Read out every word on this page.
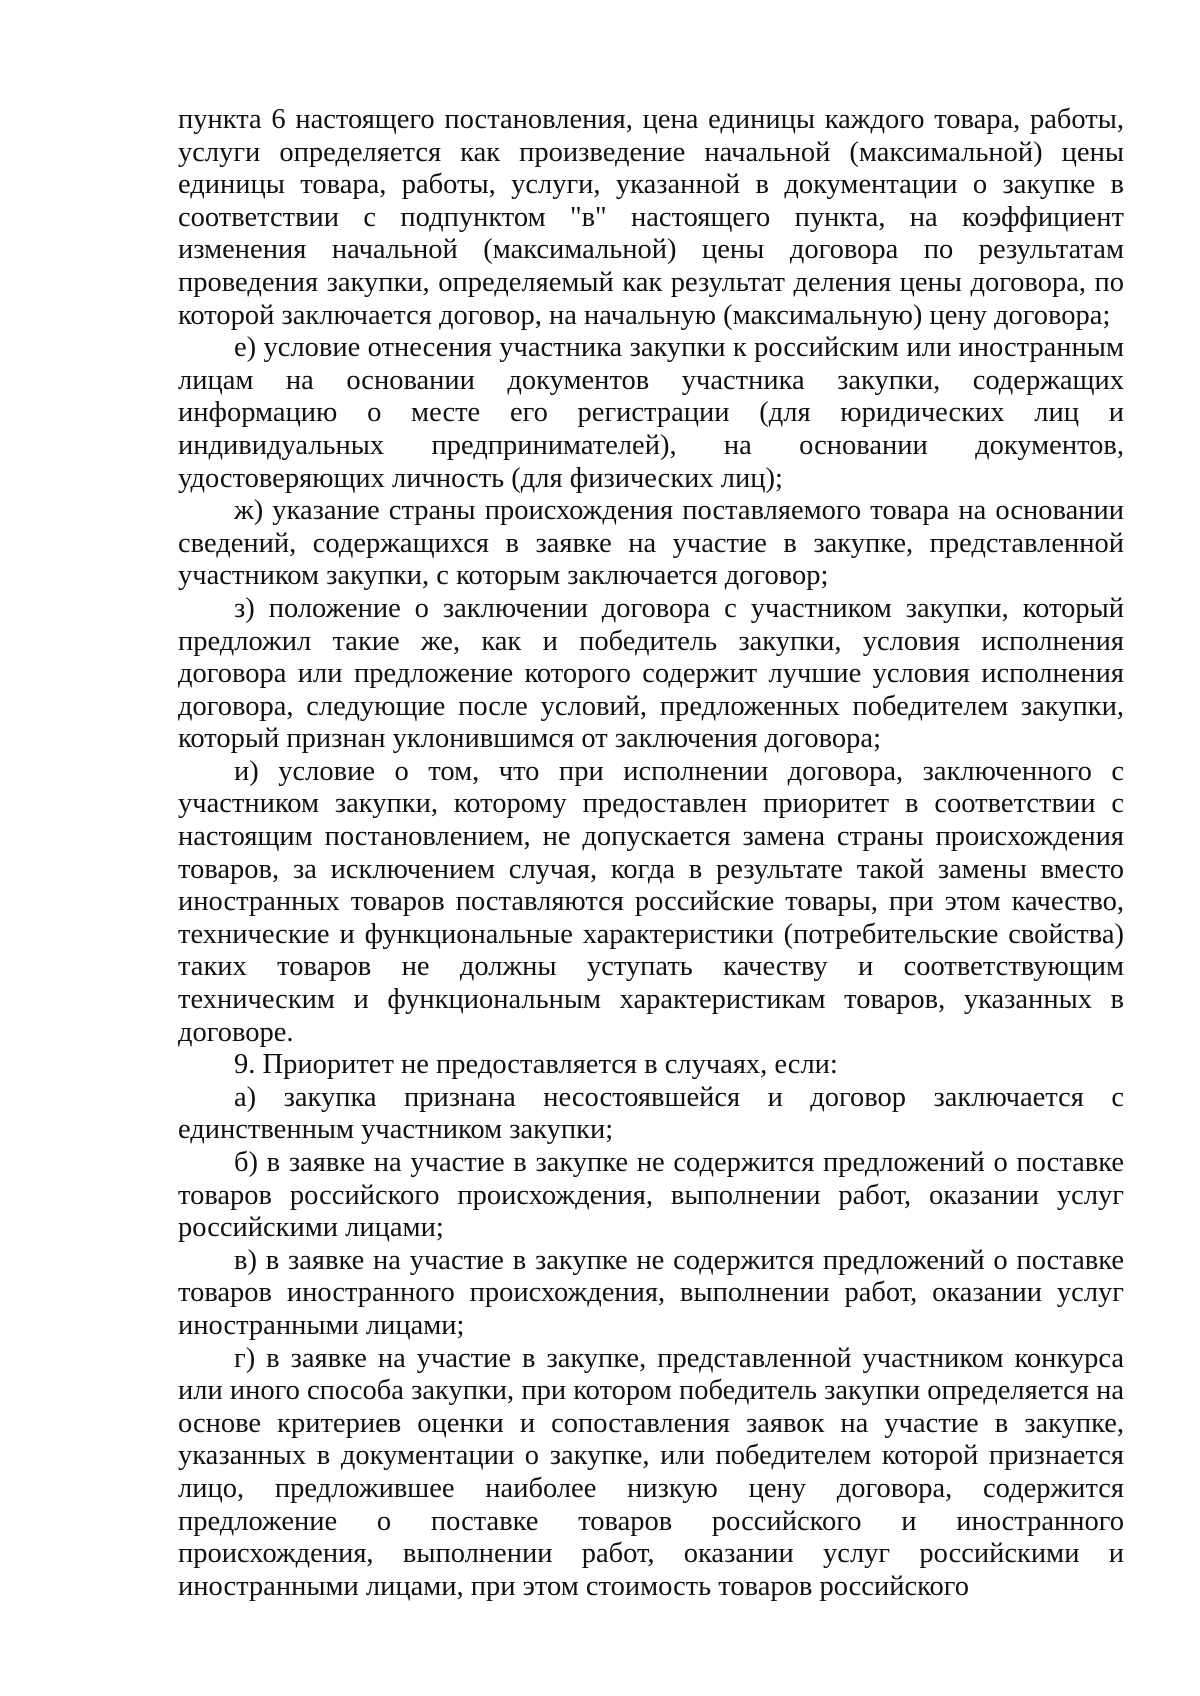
пункта 6 настоящего постановления, цена единицы каждого товара, работы, услуги определяется как произведение начальной (максимальной) цены единицы товара, работы, услуги, указанной в документации о закупке в соответствии с подпунктом "в" настоящего пункта, на коэффициент изменения начальной (максимальной) цены договора по результатам проведения закупки, определяемый как результат деления цены договора, по которой заключается договор, на начальную (максимальную) цену договора;

е) условие отнесения участника закупки к российским или иностранным лицам на основании документов участника закупки, содержащих информацию о месте его регистрации (для юридических лиц и индивидуальных предпринимателей), на основании документов, удостоверяющих личность (для физических лиц);

ж) указание страны происхождения поставляемого товара на основании сведений, содержащихся в заявке на участие в закупке, представленной участником закупки, с которым заключается договор;

з) положение о заключении договора с участником закупки, который предложил такие же, как и победитель закупки, условия исполнения договора или предложение которого содержит лучшие условия исполнения договора, следующие после условий, предложенных победителем закупки, который признан уклонившимся от заключения договора;

и) условие о том, что при исполнении договора, заключенного с участником закупки, которому предоставлен приоритет в соответствии с настоящим постановлением, не допускается замена страны происхождения товаров, за исключением случая, когда в результате такой замены вместо иностранных товаров поставляются российские товары, при этом качество, технические и функциональные характеристики (потребительские свойства) таких товаров не должны уступать качеству и соответствующим техническим и функциональным характеристикам товаров, указанных в договоре.

9. Приоритет не предоставляется в случаях, если:

а) закупка признана несостоявшейся и договор заключается с единственным участником закупки;

б) в заявке на участие в закупке не содержится предложений о поставке товаров российского происхождения, выполнении работ, оказании услуг российскими лицами;

в) в заявке на участие в закупке не содержится предложений о поставке товаров иностранного происхождения, выполнении работ, оказании услуг иностранными лицами;

г) в заявке на участие в закупке, представленной участником конкурса или иного способа закупки, при котором победитель закупки определяется на основе критериев оценки и сопоставления заявок на участие в закупке, указанных в документации о закупке, или победителем которой признается лицо, предложившее наиболее низкую цену договора, содержится предложение о поставке товаров российского и иностранного происхождения, выполнении работ, оказании услуг российскими и иностранными лицами, при этом стоимость товаров российского
